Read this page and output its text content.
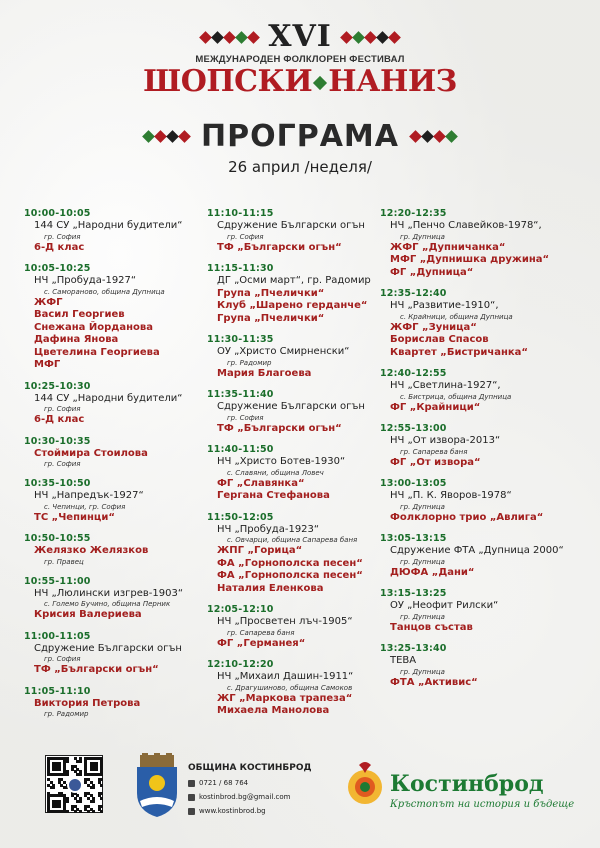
XVI
МЕЖДУНАРОДЕН ФОЛКЛОРЕН ФЕСТИВАЛ
ШОПСКИ НАНИЗ
ПРОГРАМА
26 април /неделя/
10:00-10:05
144 СУ „Народни будители“
гр. София
6-Д клас
10:05-10:25
НЧ „Пробуда-1927“
с. Самораново, община Дупница
ЖФГ
Васил Георгиев
Снежана Йорданова
Дафина Янова
Цветелина Георгиева
МФГ
10:25-10:30
144 СУ „Народни будители“
гр. София
6-Д клас
10:30-10:35
Стоймира Стоилова
гр. София
10:35-10:50
НЧ „Напредък-1927“
с. Чепинци, гр. София
ТС „Чепинци“
10:50-10:55
Желязко Желязков
гр. Правец
10:55-11:00
НЧ „Люлински изгрев-1903“
с. Големо Бучино, община Перник
Крисия Валериева
11:00-11:05
Сдружение Български огън
гр. София
ТФ „Български огън“
11:05-11:10
Виктория Петрова
гр. Радомир
11:10-11:15
Сдружение Български огън
гр. София
ТФ „Български огън“
11:15-11:30
ДГ „Осми март“, гр. Радомир
Група „Пчелички“
Клуб „Шарено герданче“
Група „Пчелички“
11:30-11:35
ОУ „Христо Смирненски“
гр. Радомир
Мария Благоева
11:35-11:40
Сдружение Български огън
гр. София
ТФ „Български огън“
11:40-11:50
НЧ „Христо Ботев-1930“
с. Славяни, община Ловеч
ФГ „Славянка“
Гергана Стефанова
11:50-12:05
НЧ „Пробуда-1923“
с. Овчарци, община Сапарева баня
ЖПГ „Горица“
ФА „Горнополска песен“
ФА „Горнополска песен“
Наталия Еленкова
12:05-12:10
НЧ „Просветен лъч-1905“
гр. Сапарева баня
ФГ „Германея“
12:10-12:20
НЧ „Михаил Дашин-1911“
с. Драгушиново, община Самоков
ЖГ „Маркова трапеза“
Михаела Манолова
12:20-12:35
НЧ „Пенчо Славейков-1978“,
гр. Дупница
ЖФГ „Дупничанка“
МФГ „Дупнишка дружина“
ФГ „Дупница“
12:35-12:40
НЧ „Развитие-1910“,
с. Крайници, община Дупница
ЖФГ „Зуница“
Борислав Спасов
Квартет „Бистричанка“
12:40-12:55
НЧ „Светлина-1927“,
с. Бистрица, община Дупница
ФГ „Крайници“
12:55-13:00
НЧ „От извора-2013“
гр. Сапарева баня
ФГ „От извора“
13:00-13:05
НЧ „П. К. Яворов-1978“
гр. Дупница
Фолклорно трио „Авлига“
13:05-13:15
Сдружение ФТА „Дупница 2000“
гр. Дупница
ДЮФА „Дани“
13:15-13:25
ОУ „Неофит Рилски“
гр. Дупница
Танцов състав
13:25-13:40
ТЕВА
гр. Дупница
ФТА „Активис“
ОБЩИНА КОСТИНБРОД
0721 / 68 764
kostinbrod.bg@gmail.com
www.kostinbrod.bg
Костинброд
Кръстопът на история и бъдеще
